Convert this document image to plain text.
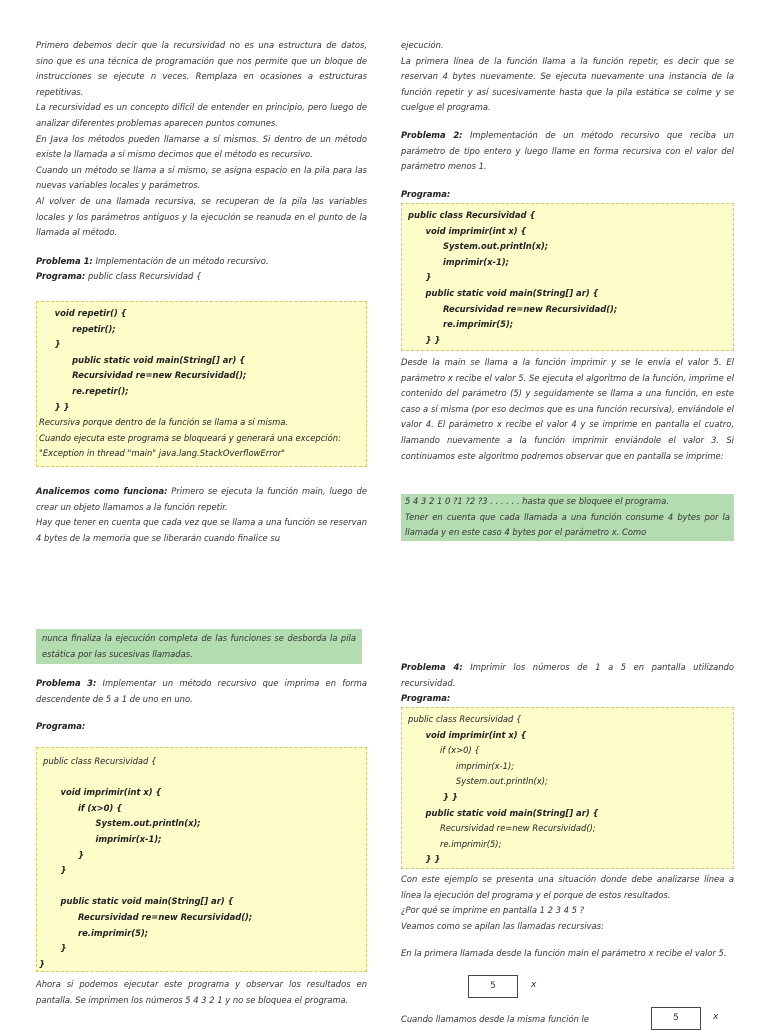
Primero debemos decir que la recursividad no es una estructura de datos, sino que es una técnica de programación que nos permite que un bloque de instrucciones se ejecute n veces. Remplaza en ocasiones a estructuras repetitivas.

La recursividad es un concepto difícil de entender en principio, pero luego de analizar diferentes problemas aparecen puntos comunes.

En Java los métodos pueden llamarse a sí mismos. Si dentro de un método existe la llamada a sí mismo decimos que el método es recursivo.

Cuando un método se llama a sí mismo, se asigna espacio en la pila para las nuevas variables locales y parámetros.

Al volver de una llamada recursiva, se recuperan de la pila las variables locales y los parámetros antiguos y la ejecución se reanuda en el punto de la llamada al método.

Problema 1: Implementación de un método recursivo.

Programa: public class Recursividad {

void repetir() {
repetir();
}
public static void main(String[] ar) {
Recursividad re=new Recursividad();
re.repetir();
} }
Recursiva porque dentro de la función se llama a sí misma.
Cuando ejecuta este programa se bloqueará y generará una excepción:
"Exception in thread "main" java.lang.StackOverflowError"

Analicemos como funciona: Primero se ejecuta la función main, luego de crear un objeto llamamos a la función repetir.

Hay que tener en cuenta que cada vez que se llama a una función se reservan 4 bytes de la memoria que se liberarán cuando finalice su

ejecución.

La primera línea de la función llama a la función repetir, es decir que se reservan 4 bytes nuevamente. Se ejecuta nuevamente una instancia de la función repetir y así sucesivamente hasta que la pila estática se colme y se cuelgue el programa.

Problema 2: Implementación de un método recursivo que reciba un parámetro de tipo entero y luego llame en forma recursiva con el valor del parámetro menos 1.

Programa:

public class Recursividad {
void imprimir(int x) {
System.out.println(x);
imprimir(x-1);
}
public static void main(String[] ar) {
Recursividad re=new Recursividad();
re.imprimir(5);
} }

Desde la main se llama a la función imprimir y se le envía el valor 5. El parámetro x recibe el valor 5. Se ejecuta el algoritmo de la función, imprime el contenido del parámetro (5) y seguidamente se llama a una función, en este caso a sí misma (por eso decimos que es una función recursiva), enviándole el valor 4. El parámetro x recibe el valor 4 y se imprime en pantalla el cuatro, llamando nuevamente a la función imprimir enviándole el valor 3. Si continuamos este algoritmo podremos observar que en pantalla se imprime:

5 4 3 2 1 0 ?1 ?2 ?3 . . . . . . hasta que se bloquee el programa.
Tener en cuenta que cada llamada a una función consume 4 bytes por la llamada y en este caso 4 bytes por el parámetro x. Como
nunca finaliza la ejecución completa de las funciones se desborda la pila estática por las sucesivas llamadas.

Problema 3: Implementar un método recursivo que imprima en forma descendente de 5 a 1 de uno en uno.

Programa:

public class Recursividad {
void imprimir(int x) {
if (x>0) {
System.out.println(x);
imprimir(x-1);
}
}
public static void main(String[] ar) {
Recursividad re=new Recursividad();
re.imprimir(5);
}
}

Ahora si podemos ejecutar este programa y observar los resultados en pantalla. Se imprimen los números 5 4 3 2 1 y no se bloquea el programa.

Problema 4: Imprimir los números de 1 a 5 en pantalla utilizando recursividad.

Programa:

public class Recursividad {
void imprimir(int x) {
if (x>0) {
imprimir(x-1);
System.out.println(x);
} }
public static void main(String[] ar) {
Recursividad re=new Recursividad();
re.imprimir(5);
} }

Con este ejemplo se presenta una situación donde debe analizarse línea a línea la ejecución del programa y el porque de estos resultados.

¿Por qué se imprime en pantalla 1 2 3 4 5 ?

Veamos como se apilan las llamadas recursivas:

En la primera llamada desde la función main el parámetro x recibe el valor 5.

5	x

Cuando llamamos desde la misma función le	5	x
